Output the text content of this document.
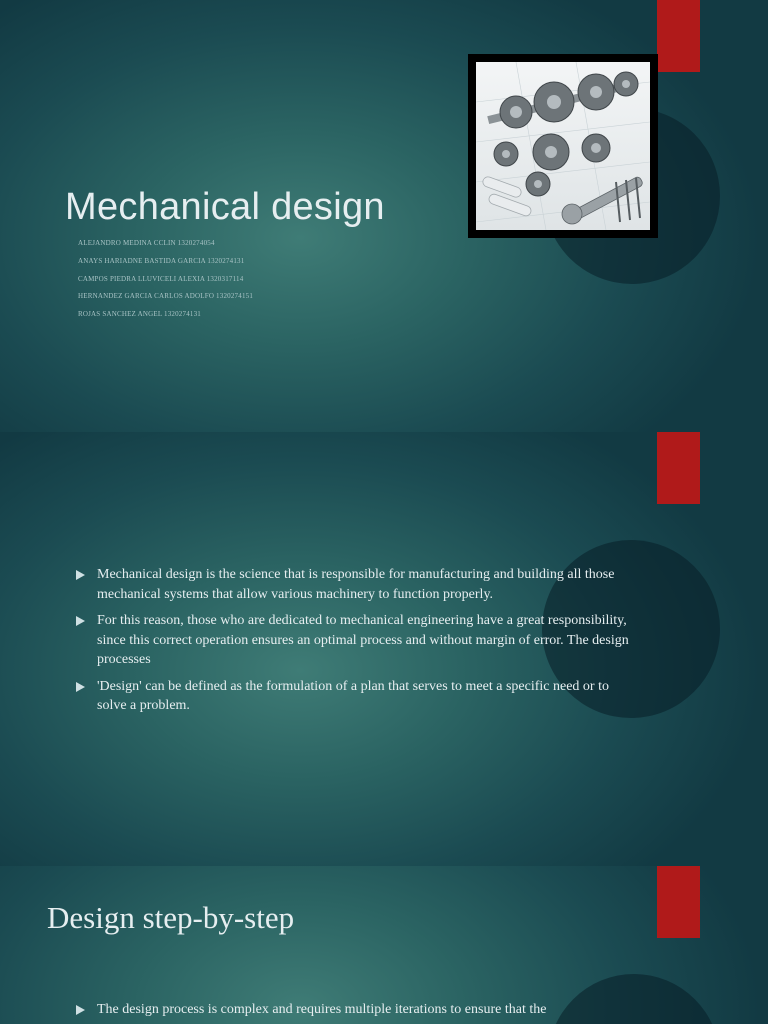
Mechanical design
ALEJANDRO MEDINA CCLIN 1320274054
ANAYS HARIADNE BASTIDA GARCIA 1320274131
CAMPOS PIEDRA LLUVICELI ALEXIA 1320317114
HERNANDEZ GARCIA CARLOS ADOLFO 1320274151
ROJAS SANCHEZ ANGEL 1320274131
Mechanical design is the science that is responsible for manufacturing and building all those mechanical systems that allow various machinery to function properly.
For this reason, those who are dedicated to mechanical engineering have a great responsibility, since this correct operation ensures an optimal process and without margin of error. The design processes
'Design' can be defined as the formulation of a plan that serves to meet a specific need or to solve a problem.
Design step-by-step
The design process is complex and requires multiple iterations to ensure that the
